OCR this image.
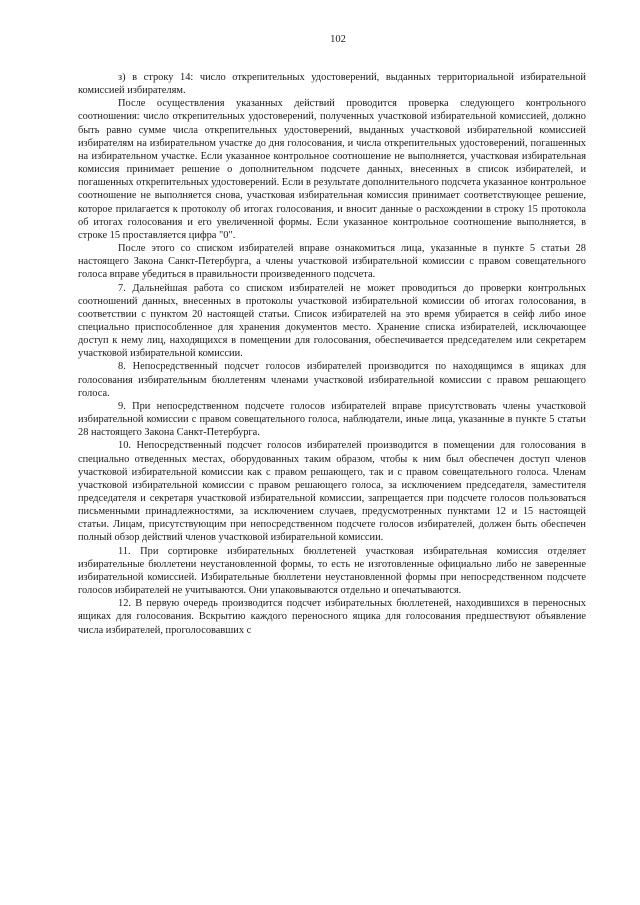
102

з) в строку 14: число открепительных удостоверений, выданных территориальной избирательной комиссией избирателям.

После осуществления указанных действий проводится проверка следующего контрольного соотношения: число открепительных удостоверений, полученных участковой избирательной комиссией, должно быть равно сумме числа открепительных удостоверений, выданных участковой избирательной комиссией избирателям на избирательном участке до дня голосования, и числа открепительных удостоверений, погашенных на избирательном участке. Если указанное контрольное соотношение не выполняется, участковая избирательная комиссия принимает решение о дополнительном подсчете данных, внесенных в список избирателей, и погашенных открепительных удостоверений. Если в результате дополнительного подсчета указанное контрольное соотношение не выполняется снова, участковая избирательная комиссия принимает соответствующее решение, которое прилагается к протоколу об итогах голосования, и вносит данные о расхождении в строку 15 протокола об итогах голосования и его увеличенной формы. Если указанное контрольное соотношение выполняется, в строке 15 проставляется цифра "0".

После этого со списком избирателей вправе ознакомиться лица, указанные в пункте 5 статьи 28 настоящего Закона Санкт-Петербурга, а члены участковой избирательной комиссии с правом совещательного голоса вправе убедиться в правильности произведенного подсчета.

7. Дальнейшая работа со списком избирателей не может проводиться до проверки контрольных соотношений данных, внесенных в протоколы участковой избирательной комиссии об итогах голосования, в соответствии с пунктом 20 настоящей статьи. Список избирателей на это время убирается в сейф либо иное специально приспособленное для хранения документов место. Хранение списка избирателей, исключающее доступ к нему лиц, находящихся в помещении для голосования, обеспечивается председателем или секретарем участковой избирательной комиссии.

8. Непосредственный подсчет голосов избирателей производится по находящимся в ящиках для голосования избирательным бюллетеням членами участковой избирательной комиссии с правом решающего голоса.

9. При непосредственном подсчете голосов избирателей вправе присутствовать члены участковой избирательной комиссии с правом совещательного голоса, наблюдатели, иные лица, указанные в пункте 5 статьи 28 настоящего Закона Санкт-Петербурга.

10. Непосредственный подсчет голосов избирателей производится в помещении для голосования в специально отведенных местах, оборудованных таким образом, чтобы к ним был обеспечен доступ членов участковой избирательной комиссии как с правом решающего, так и с правом совещательного голоса. Членам участковой избирательной комиссии с правом решающего голоса, за исключением председателя, заместителя председателя и секретаря участковой избирательной комиссии, запрещается при подсчете голосов пользоваться письменными принадлежностями, за исключением случаев, предусмотренных пунктами 12 и 15 настоящей статьи. Лицам, присутствующим при непосредственном подсчете голосов избирателей, должен быть обеспечен полный обзор действий членов участковой избирательной комиссии.

11. При сортировке избирательных бюллетеней участковая избирательная комиссия отделяет избирательные бюллетени неустановленной формы, то есть не изготовленные официально либо не заверенные избирательной комиссией. Избирательные бюллетени неустановленной формы при непосредственном подсчете голосов избирателей не учитываются. Они упаковываются отдельно и опечатываются.

12. В первую очередь производится подсчет избирательных бюллетеней, находившихся в переносных ящиках для голосования. Вскрытию каждого переносного ящика для голосования предшествуют объявление числа избирателей, проголосовавших с
